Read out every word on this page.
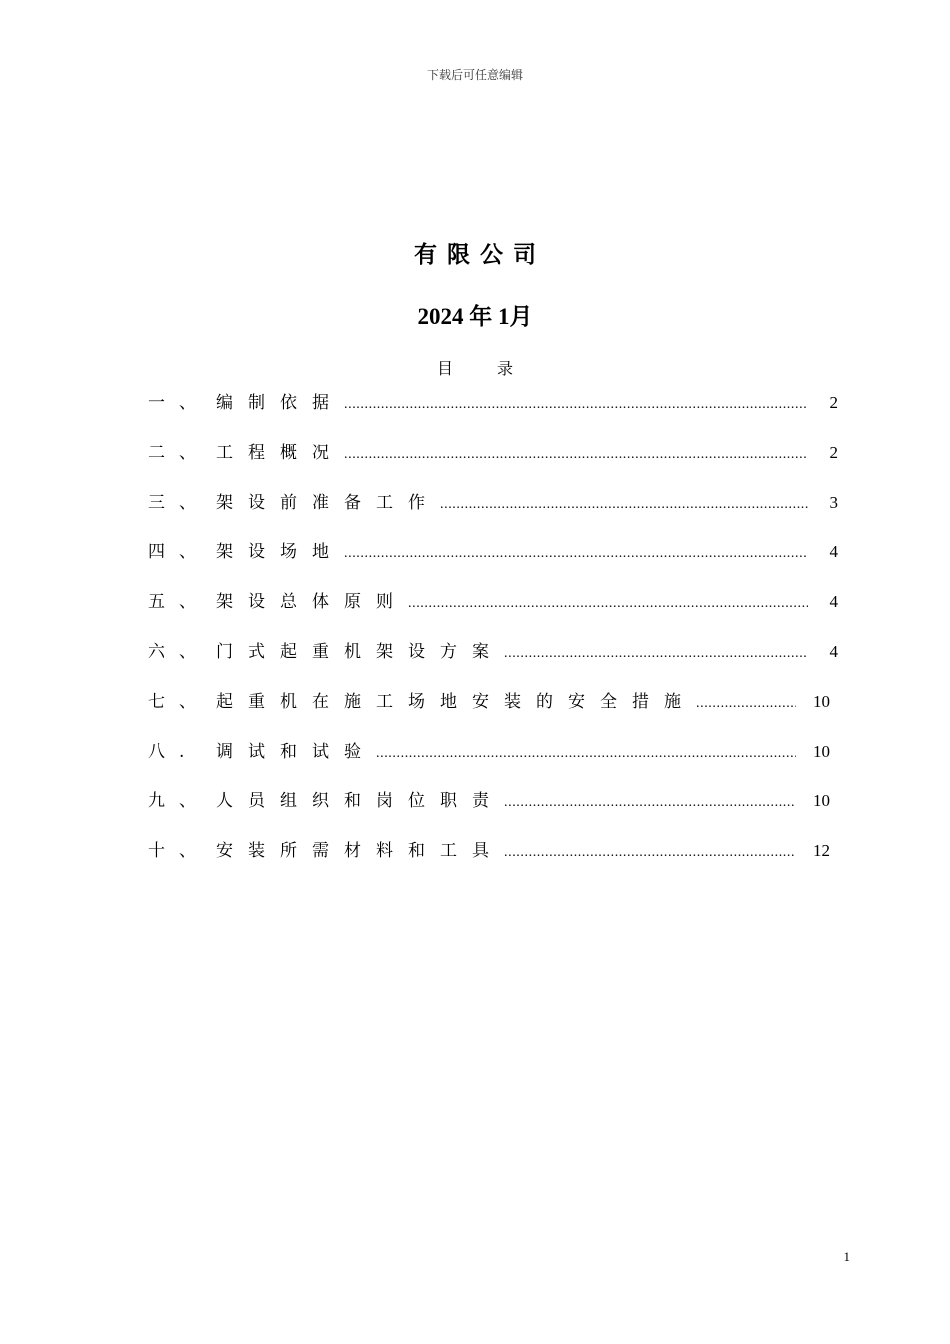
下载后可任意编辑
有限公司
2024 年 1月
目	录
一、 编制依据 .....	2
二、 工程概况 .....	2
三、 架设前准备工作 .....	3
四、 架设场地 .....	4
五、 架设总体原则 .....	4
六、 门式起重机架设方案 .....	4
七、 起重机在施工场地安装的安全措施 .....	10
八.	调试和试验 .....	10
九、 人员组织和岗位职责 .....	10
十、 安装所需材料和工具 .....	12
1
